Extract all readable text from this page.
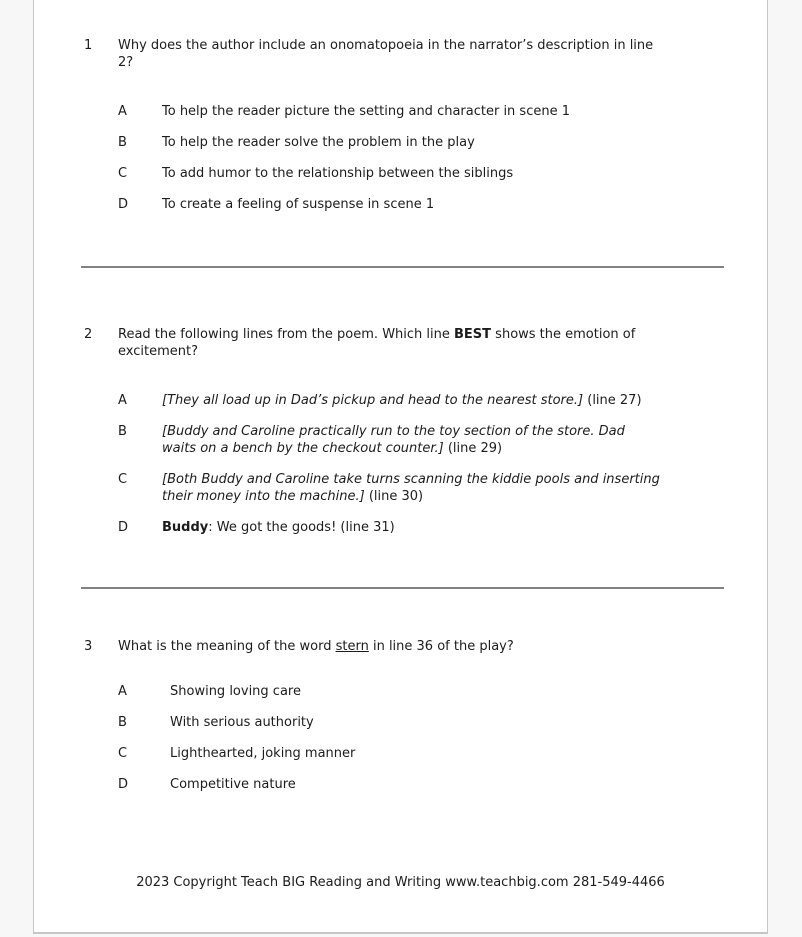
2023 Copyright Teach BIG Reading and Writing www.teachbig.com 281-549-4466
1	Why does the author include an onomatopoeia in the narrator’s description in line
2?
A	To help the reader picture the setting and character in scene 1
B	To help the reader solve the problem in the play
C	To add humor to the relationship between the siblings
D	To create a feeling of suspense in scene 1
2	Read the following lines from the poem. Which line BEST shows the emotion of
excitement?
A	[They all load up in Dad’s pickup and head to the nearest store.] (line 27)
B	[Buddy and Caroline practically run to the toy section of the store. Dad
waits on a bench by the checkout counter.] (line 29)
C	[Both Buddy and Caroline take turns scanning the kiddie pools and inserting
their money into the machine.] (line 30)
D	Buddy: We got the goods! (line 31)
3	What is the meaning of the word stern in line 36 of the play?
A	Showing loving care
B	With serious authority
C	Lighthearted, joking manner
D	Competitive nature
